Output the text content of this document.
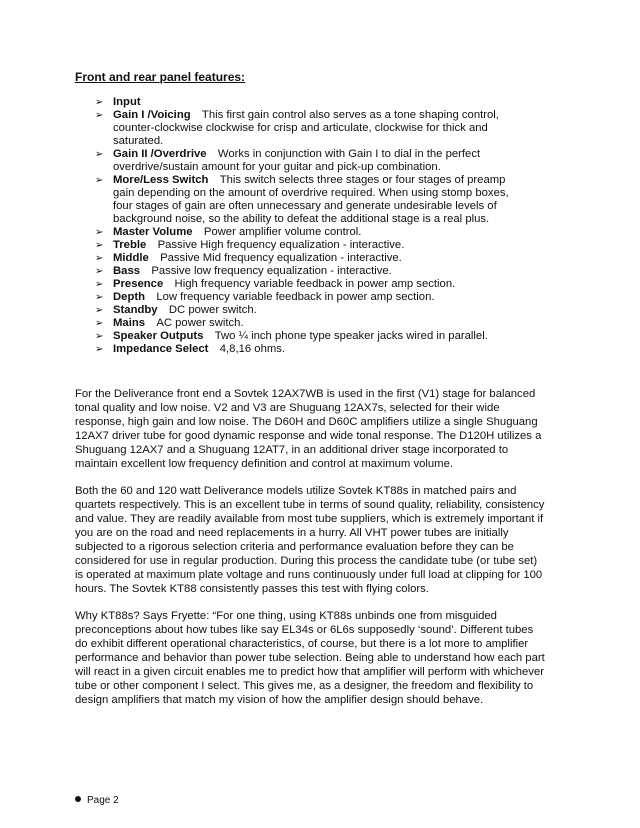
Front and rear panel features:
➢ Input
➢ Gain I /Voicing  This first gain control also serves as a tone shaping control, counter-clockwise clockwise for crisp and articulate, clockwise for thick and saturated.
➢ Gain II /Overdrive  Works in conjunction with Gain I to dial in the perfect overdrive/sustain amount for your guitar and pick-up combination.
➢ More/Less Switch  This switch selects three stages or four stages of preamp gain depending on the amount of overdrive required. When using stomp boxes, four stages of gain are often unnecessary and generate undesirable levels of background noise, so the ability to defeat the additional stage is a real plus.
➢ Master Volume  Power amplifier volume control.
➢ Treble  Passive High frequency equalization - interactive.
➢ Middle  Passive Mid frequency equalization - interactive.
➢ Bass  Passive low frequency equalization - interactive.
➢ Presence  High frequency variable feedback in power amp section.
➢ Depth  Low frequency variable feedback in power amp section.
➢ Standby  DC power switch.
➢ Mains  AC power switch.
➢ Speaker Outputs  Two ¼ inch phone type speaker jacks wired in parallel.
➢ Impedance Select  4,8,16 ohms.

For the Deliverance front end a Sovtek 12AX7WB is used in the first (V1) stage for balanced tonal quality and low noise. V2 and V3 are Shuguang 12AX7s, selected for their wide response, high gain and low noise. The D60H and D60C amplifiers utilize a single Shuguang 12AX7 driver tube for good dynamic response and wide tonal response. The D120H utilizes a Shuguang 12AX7 and a Shuguang 12AT7, in an additional driver stage incorporated to maintain excellent low frequency definition and control at maximum volume.

Both the 60 and 120 watt Deliverance models utilize Sovtek KT88s in matched pairs and quartets respectively. This is an excellent tube in terms of sound quality, reliability, consistency and value. They are readily available from most tube suppliers, which is extremely important if you are on the road and need replacements in a hurry. All VHT power tubes are initially subjected to a rigorous selection criteria and performance evaluation before they can be considered for use in regular production. During this process the candidate tube (or tube set) is operated at maximum plate voltage and runs continuously under full load at clipping for 100 hours. The Sovtek KT88 consistently passes this test with flying colors.

Why KT88s? Says Fryette: “For one thing, using KT88s unbinds one from misguided preconceptions about how tubes like say EL34s or 6L6s supposedly ‘sound’. Different tubes do exhibit different operational characteristics, of course, but there is a lot more to amplifier performance and behavior than power tube selection. Being able to understand how each part will react in a given circuit enables me to predict how that amplifier will perform with whichever tube or other component I select. This gives me, as a designer, the freedom and flexibility to design amplifiers that match my vision of how the amplifier design should behave.

Page 2
